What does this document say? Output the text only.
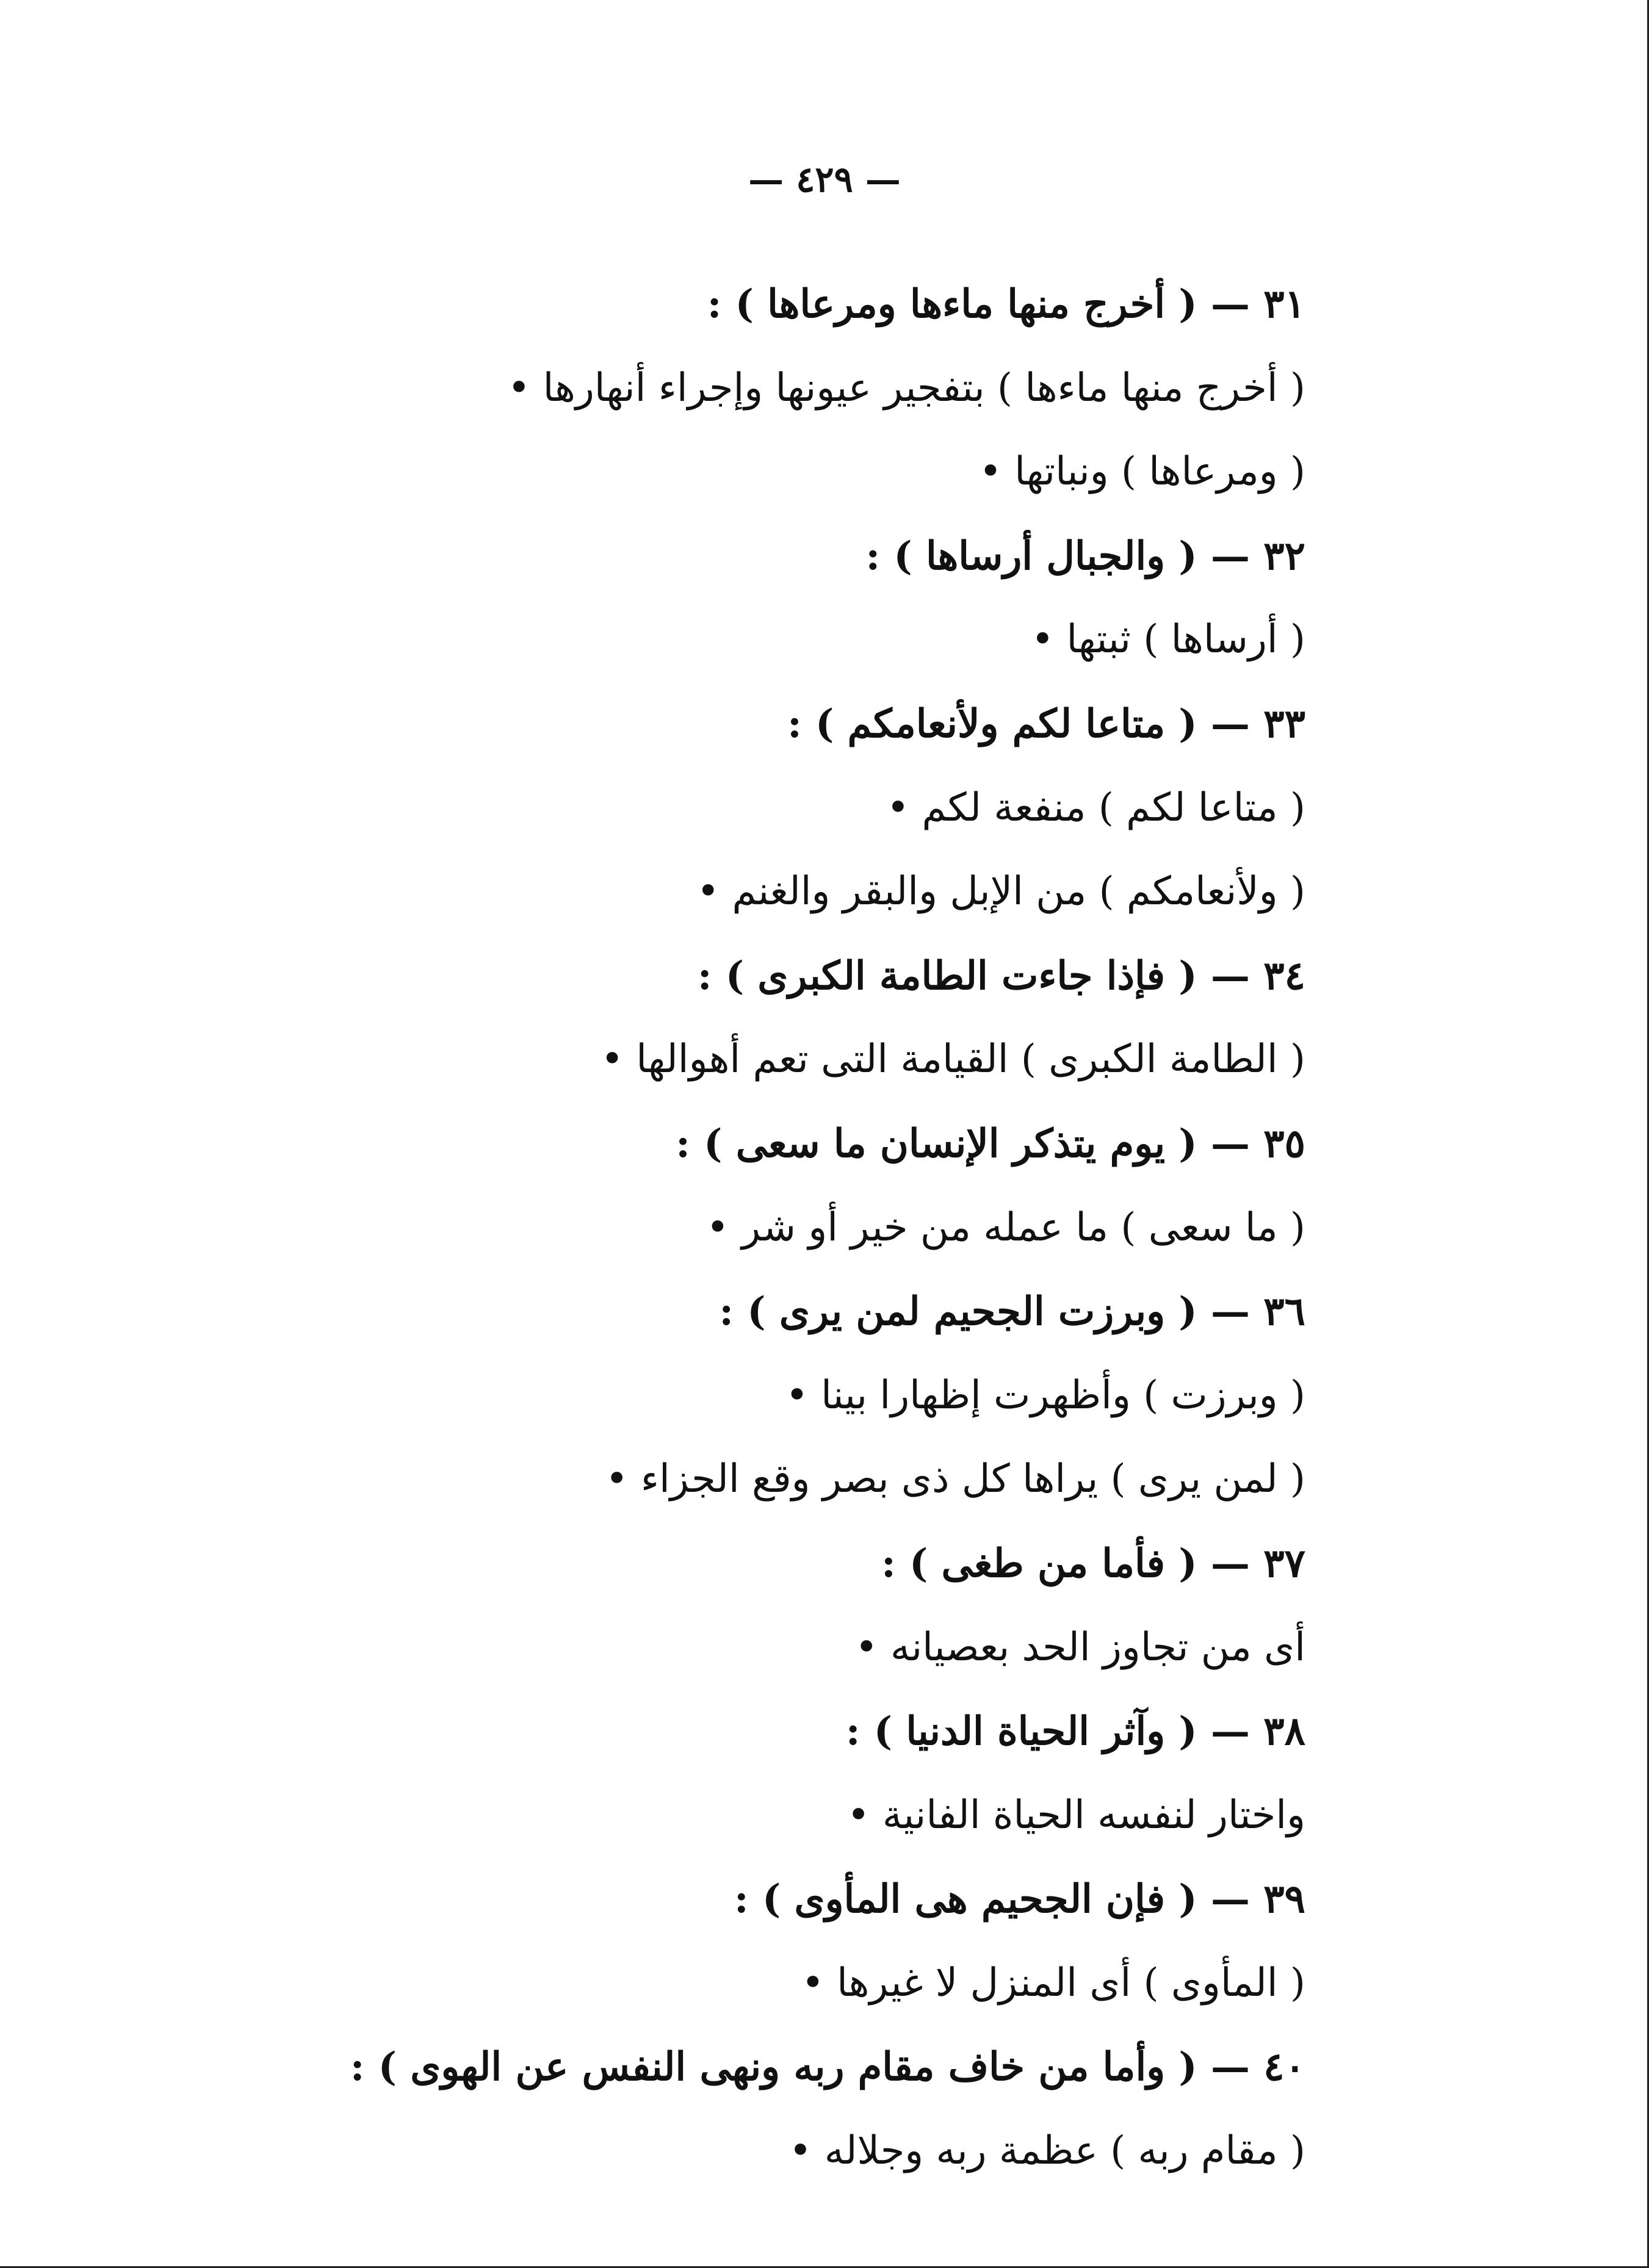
— ٤٢٩ —
٣١ — ( أخرج منها ماءها ومرعاها ) :
( أخرج منها ماءها ) بتفجير عيونها وإجراء أنهارها •
( ومرعاها ) ونباتها •
٣٢ — ( والجبال أرساها ) :
( أرساها ) ثبتها •
٣٣ — ( متاعا لكم ولأنعامكم ) :
( متاعا لكم ) منفعة لكم •
( ولأنعامكم ) من الإبل والبقر والغنم •
٣٤ — ( فإذا جاءت الطامة الكبرى ) :
( الطامة الكبرى ) القيامة التى تعم أهوالها •
٣٥ — ( يوم يتذكر الإنسان ما سعى ) :
( ما سعى ) ما عمله من خير أو شر •
٣٦ — ( وبرزت الجحيم لمن يرى ) :
( وبرزت ) وأظهرت إظهارا بينا •
( لمن يرى ) يراها كل ذى بصر وقع الجزاء •
٣٧ — ( فأما من طغى ) :
أى من تجاوز الحد بعصيانه •
٣٨ — ( وآثر الحياة الدنيا ) :
واختار لنفسه الحياة الفانية •
٣٩ — ( فإن الجحيم هى المأوى ) :
( المأوى ) أى المنزل لا غيرها •
٤٠ — ( وأما من خاف مقام ربه ونهى النفس عن الهوى ) :
( مقام ربه ) عظمة ربه وجلاله •
